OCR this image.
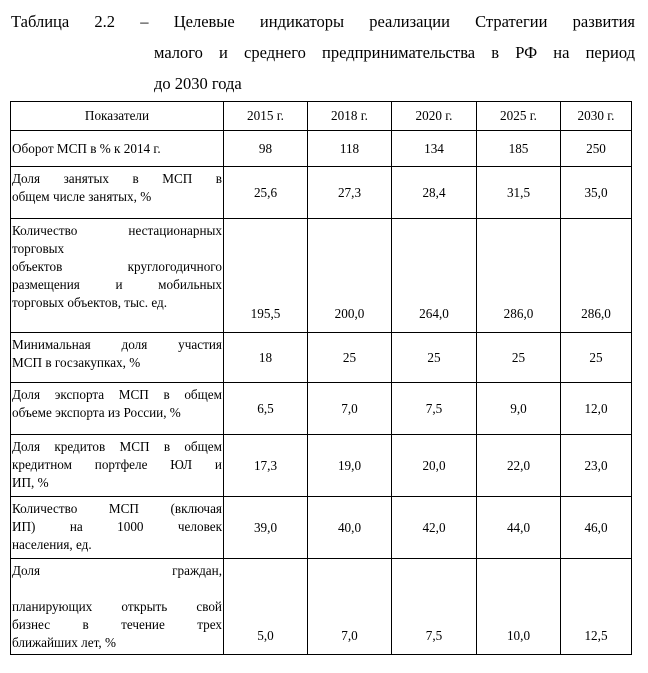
Таблица 2.2 – Целевые индикаторы реализации Стратегии развития
малого и среднего предпринимательства в РФ на период
до 2030 года
Показатели	2015 г.	2018 г.	2020 г.	2025 г.	2030 г.

Оборот МСП в % к 2014 г.	98	118	134	185	250

Доля занятых в МСП в
общем числе занятых, %	25,6	27,3	28,4	31,5	35,0

Количество нестационарных
торговых
объектов круглогодичного
размещения и мобильных
торговых объектов, тыс. ед.	195,5	200,0	264,0	286,0	286,0

Минимальная доля участия
МСП в госзакупках, %	18	25	25	25	25

Доля экспорта МСП в общем
объеме экспорта из России, %	6,5	7,0	7,5	9,0	12,0

Доля кредитов МСП в общем
кредитном портфеле ЮЛ и
ИП, %	17,3	19,0	20,0	22,0	23,0

Количество МСП (включая
ИП) на 1000 человек
населения, ед.	39,0	40,0	42,0	44,0	46,0

Доля граждан,
планирующих открыть свой
бизнес в течение трех
ближайших лет, %	5,0	7,0	7,5	10,0	12,5
